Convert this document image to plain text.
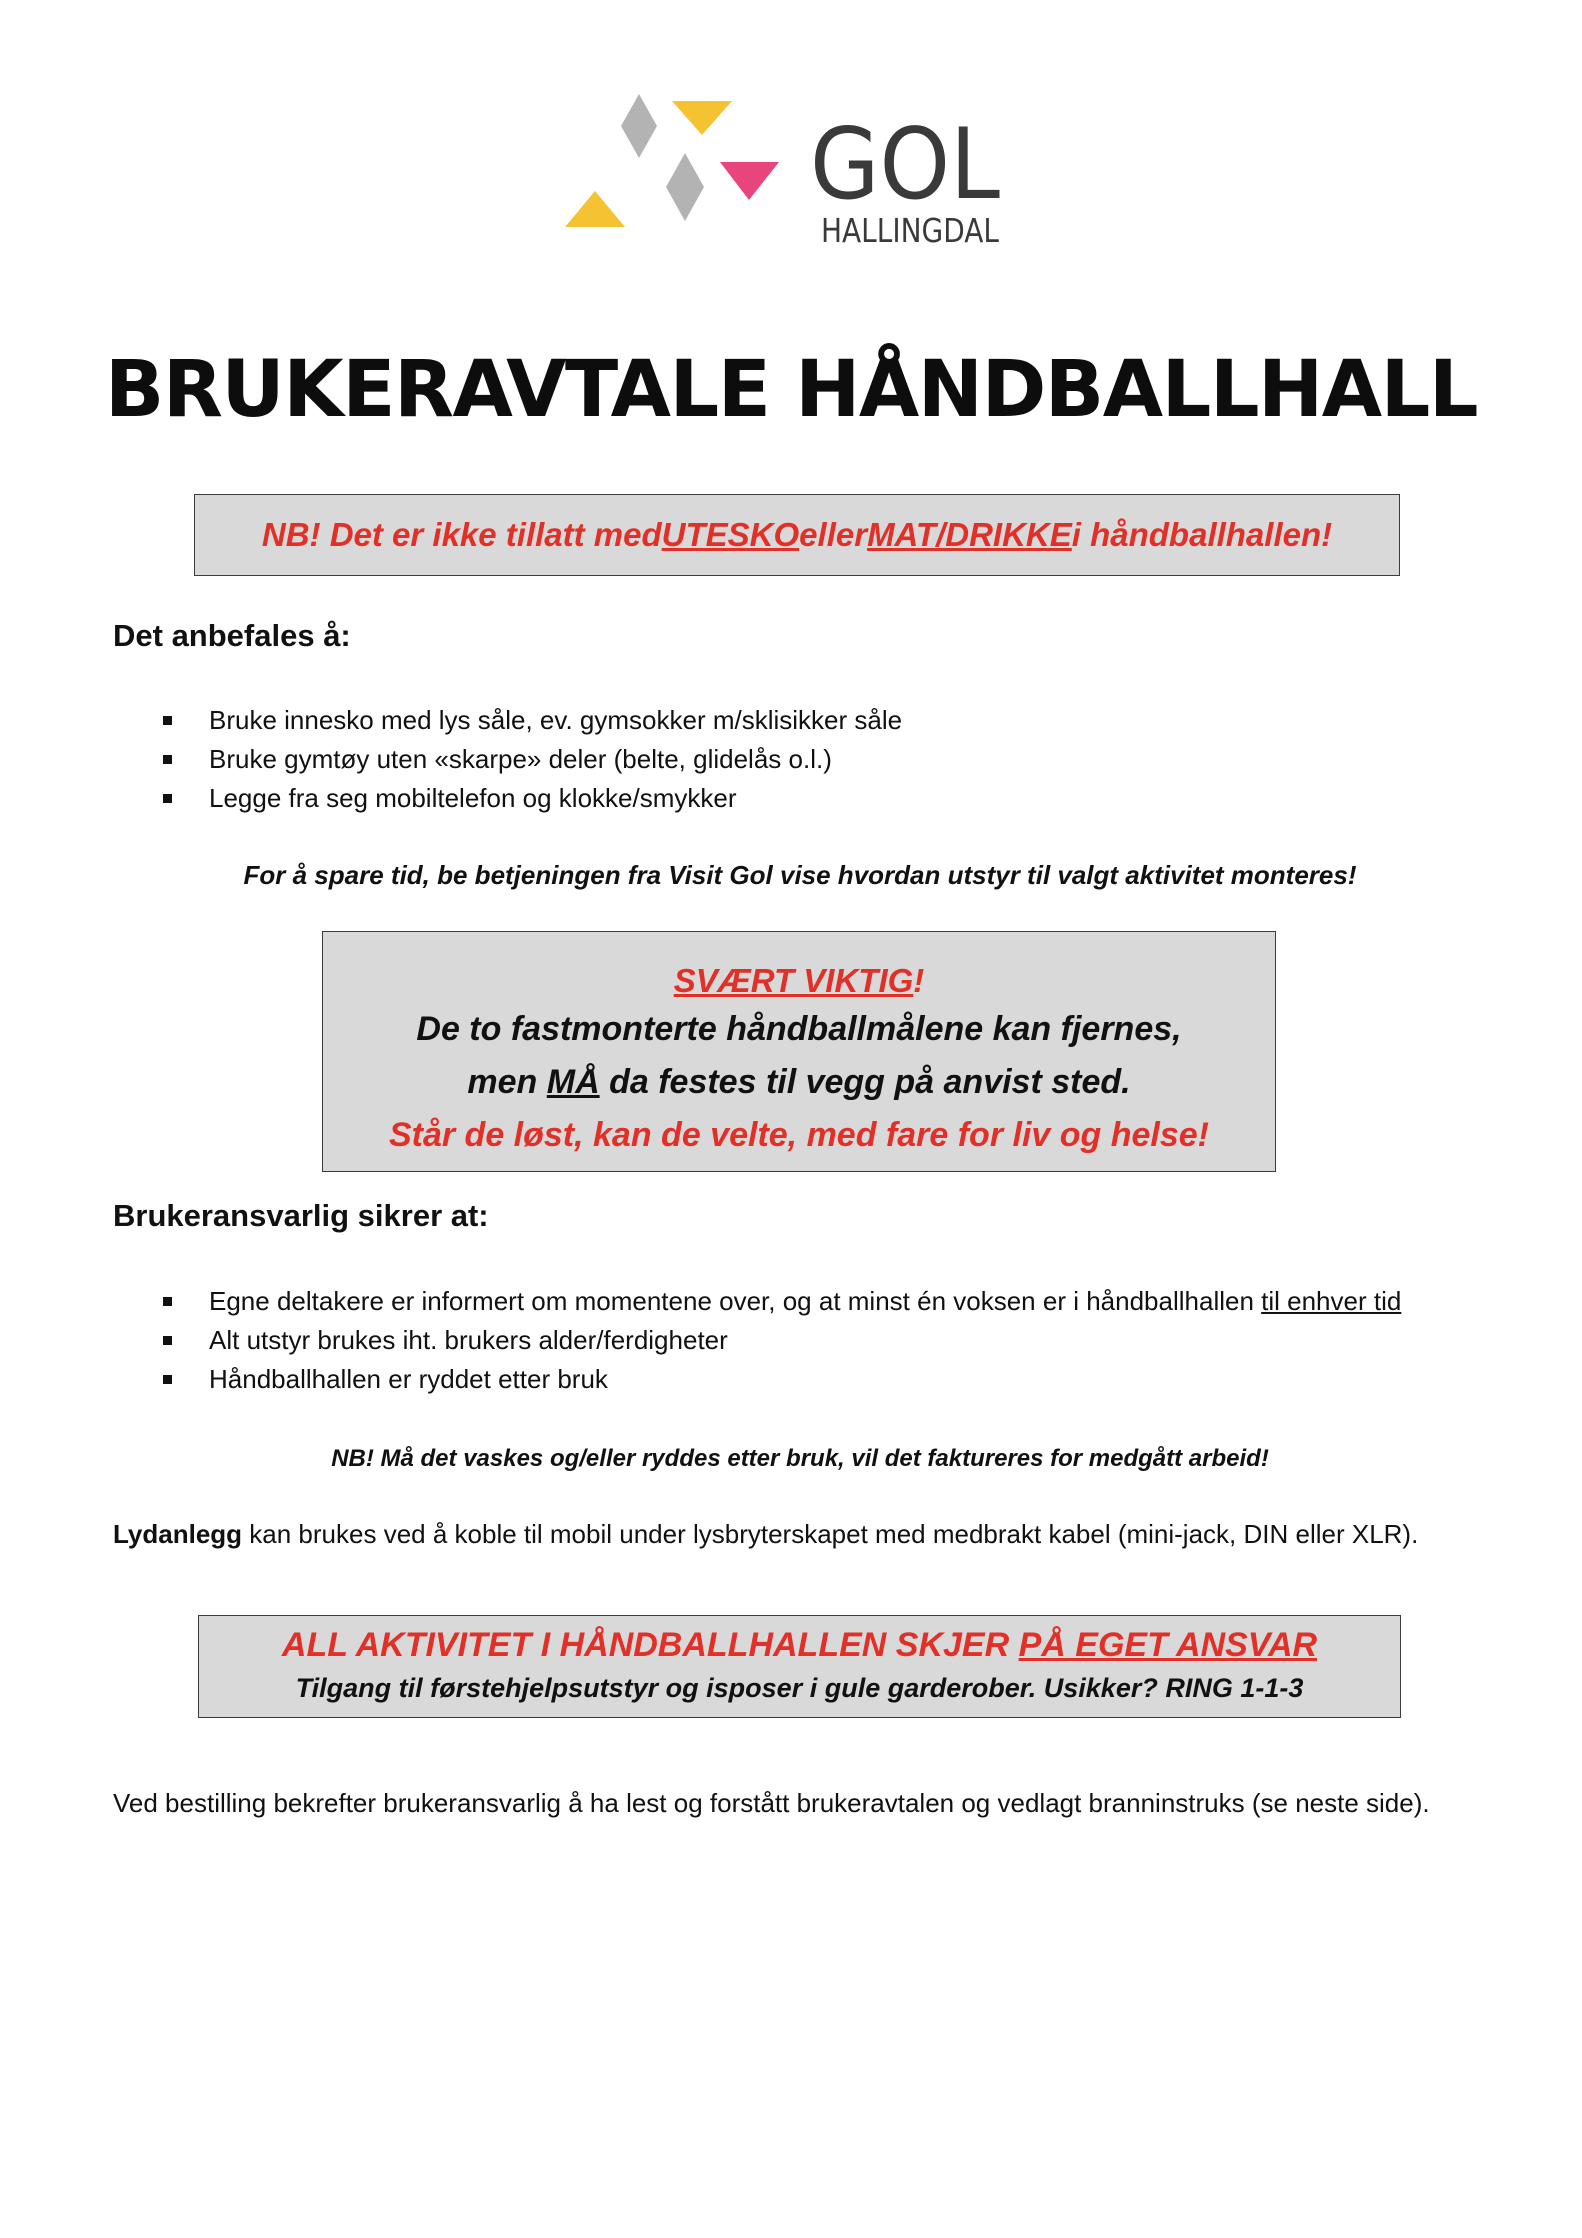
GOL
HALLINGDAL
BRUKERAVTALE HÅNDBALLHALL
NB! Det er ikke tillatt med UTESKO eller MAT/DRIKKE i håndballhallen!
Det anbefales å:
Bruke innesko med lys såle, ev. gymsokker m/sklisikker såle
Bruke gymtøy uten «skarpe» deler (belte, glidelås o.l.)
Legge fra seg mobiltelefon og klokke/smykker
For å spare tid, be betjeningen fra Visit Gol vise hvordan utstyr til valgt aktivitet monteres!
SVÆRT VIKTIG!
De to fastmonterte håndballmålene kan fjernes,
men MÅ da festes til vegg på anvist sted.
Står de løst, kan de velte, med fare for liv og helse!
Brukeransvarlig sikrer at:
Egne deltakere er informert om momentene over, og at minst én voksen er i håndballhallen til enhver tid
Alt utstyr brukes iht. brukers alder/ferdigheter
Håndballhallen er ryddet etter bruk
NB! Må det vaskes og/eller ryddes etter bruk, vil det faktureres for medgått arbeid!
Lydanlegg kan brukes ved å koble til mobil under lysbryterskapet med medbrakt kabel (mini-jack, DIN eller XLR).
ALL AKTIVITET I HÅNDBALLHALLEN SKJER PÅ EGET ANSVAR
Tilgang til førstehjelpsutstyr og isposer i gule garderober. Usikker? RING 1-1-3
Ved bestilling bekrefter brukeransvarlig å ha lest og forstått brukeravtalen og vedlagt branninstruks (se neste side).
